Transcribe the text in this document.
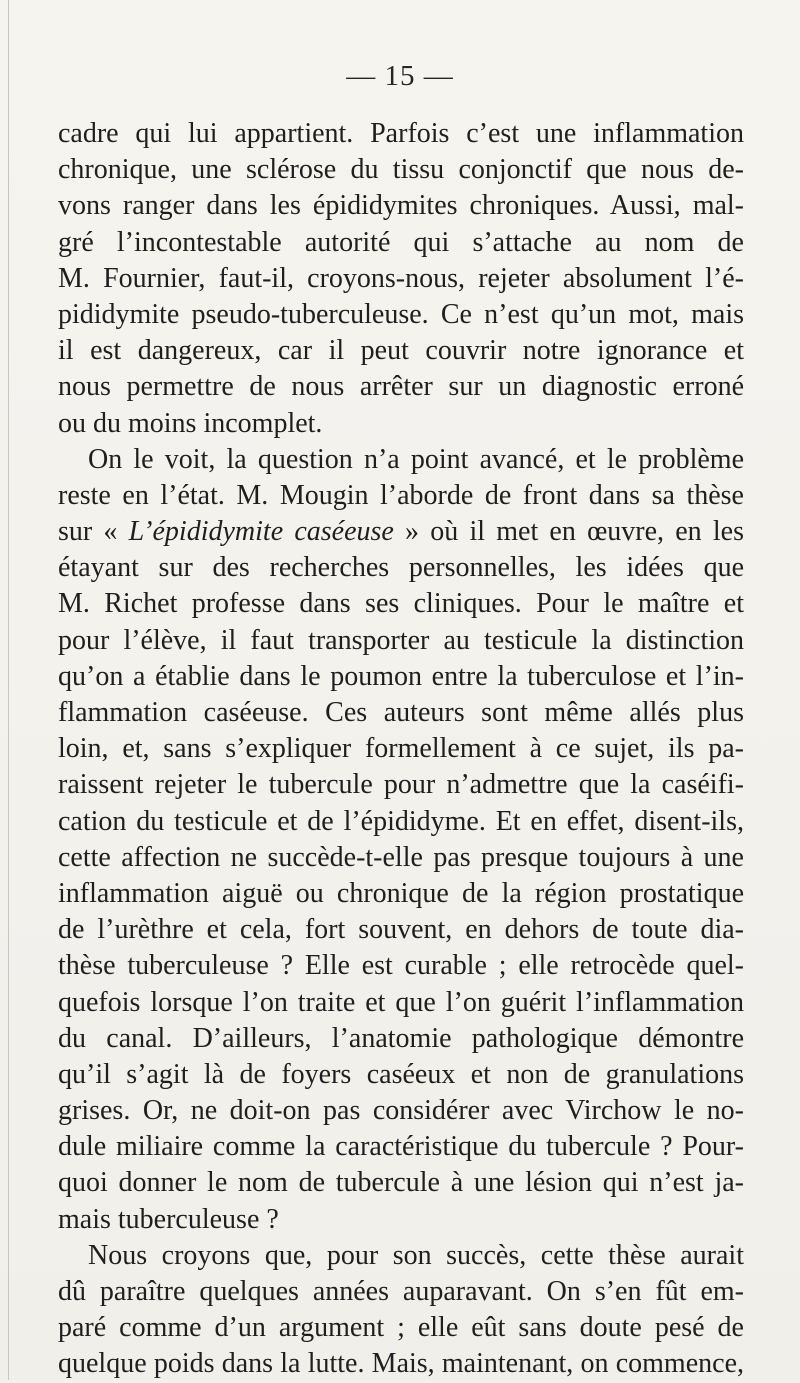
— 15 —
cadre qui lui appartient. Parfois c’est une inflammation
chronique, une sclérose du tissu conjonctif que nous de-
vons ranger dans les épididymites chroniques. Aussi, mal-
gré l’incontestable autorité qui s’attache au nom de
M. Fournier, faut-il, croyons-nous, rejeter absolument l’é-
pididymite pseudo-tuberculeuse. Ce n’est qu’un mot, mais
il est dangereux, car il peut couvrir notre ignorance et
nous permettre de nous arrêter sur un diagnostic erroné
ou du moins incomplet.
On le voit, la question n’a point avancé, et le problème
reste en l’état. M. Mougin l’aborde de front dans sa thèse
sur « L’épididymite caséeuse » où il met en œuvre, en les
étayant sur des recherches personnelles, les idées que
M. Richet professe dans ses cliniques. Pour le maître et
pour l’élève, il faut transporter au testicule la distinction
qu’on a établie dans le poumon entre la tuberculose et l’in-
flammation caséeuse. Ces auteurs sont même allés plus
loin, et, sans s’expliquer formellement à ce sujet, ils pa-
raissent rejeter le tubercule pour n’admettre que la caséifi-
cation du testicule et de l’épididyme. Et en effet, disent-ils,
cette affection ne succède-t-elle pas presque toujours à une
inflammation aiguë ou chronique de la région prostatique
de l’urèthre et cela, fort souvent, en dehors de toute dia-
thèse tuberculeuse ? Elle est curable ; elle retrocède quel-
quefois lorsque l’on traite et que l’on guérit l’inflammation
du canal. D’ailleurs, l’anatomie pathologique démontre
qu’il s’agit là de foyers caséeux et non de granulations
grises. Or, ne doit-on pas considérer avec Virchow le no-
dule miliaire comme la caractéristique du tubercule ? Pour-
quoi donner le nom de tubercule à une lésion qui n’est ja-
mais tuberculeuse ?
Nous croyons que, pour son succès, cette thèse aurait
dû paraître quelques années auparavant. On s’en fût em-
paré comme d’un argument ; elle eût sans doute pesé de
quelque poids dans la lutte. Mais, maintenant, on commence,
